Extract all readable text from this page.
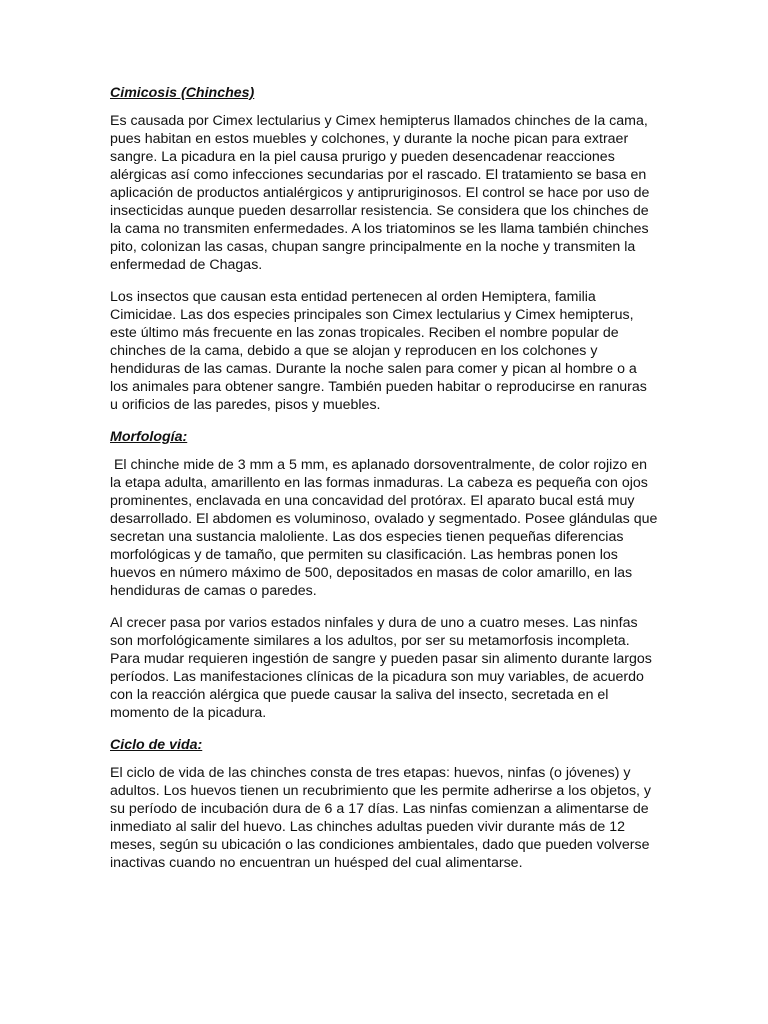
Cimicosis (Chinches)
Es causada por Cimex lectularius y Cimex hemipterus llamados chinches de la cama,
pues habitan en estos muebles y colchones, y durante la noche pican para extraer
sangre. La picadura en la piel causa prurigo y pueden desencadenar reacciones
alérgicas así como infecciones secundarias por el rascado. El tratamiento se basa en
aplicación de productos antialérgicos y antipruriginosos. El control se hace por uso de
insecticidas aunque pueden desarrollar resistencia. Se considera que los chinches de
la cama no transmiten enfermedades. A los triatominos se les llama también chinches
pito, colonizan las casas, chupan sangre principalmente en la noche y transmiten la
enfermedad de Chagas.
Los insectos que causan esta entidad pertenecen al orden Hemiptera, familia
Cimicidae. Las dos especies principales son Cimex lectularius y Cimex hemipterus,
este último más frecuente en las zonas tropicales. Reciben el nombre popular de
chinches de la cama, debido a que se alojan y reproducen en los colchones y
hendiduras de las camas. Durante la noche salen para comer y pican al hombre o a
los animales para obtener sangre. También pueden habitar o reproducirse en ranuras
u orificios de las paredes, pisos y muebles.
Morfología:
El chinche mide de 3 mm a 5 mm, es aplanado dorsoventralmente, de color rojizo en
la etapa adulta, amarillento en las formas inmaduras. La cabeza es pequeña con ojos
prominentes, enclavada en una concavidad del protórax. El aparato bucal está muy
desarrollado. El abdomen es voluminoso, ovalado y segmentado. Posee glándulas que
secretan una sustancia maloliente. Las dos especies tienen pequeñas diferencias
morfológicas y de tamaño, que permiten su clasificación. Las hembras ponen los
huevos en número máximo de 500, depositados en masas de color amarillo, en las
hendiduras de camas o paredes.
Al crecer pasa por varios estados ninfales y dura de uno a cuatro meses. Las ninfas
son morfológicamente similares a los adultos, por ser su metamorfosis incompleta.
Para mudar requieren ingestión de sangre y pueden pasar sin alimento durante largos
períodos. Las manifestaciones clínicas de la picadura son muy variables, de acuerdo
con la reacción alérgica que puede causar la saliva del insecto, secretada en el
momento de la picadura.
Ciclo de vida:
El ciclo de vida de las chinches consta de tres etapas: huevos, ninfas (o jóvenes) y
adultos. Los huevos tienen un recubrimiento que les permite adherirse a los objetos, y
su período de incubación dura de 6 a 17 días. Las ninfas comienzan a alimentarse de
inmediato al salir del huevo. Las chinches adultas pueden vivir durante más de 12
meses, según su ubicación o las condiciones ambientales, dado que pueden volverse
inactivas cuando no encuentran un huésped del cual alimentarse.
